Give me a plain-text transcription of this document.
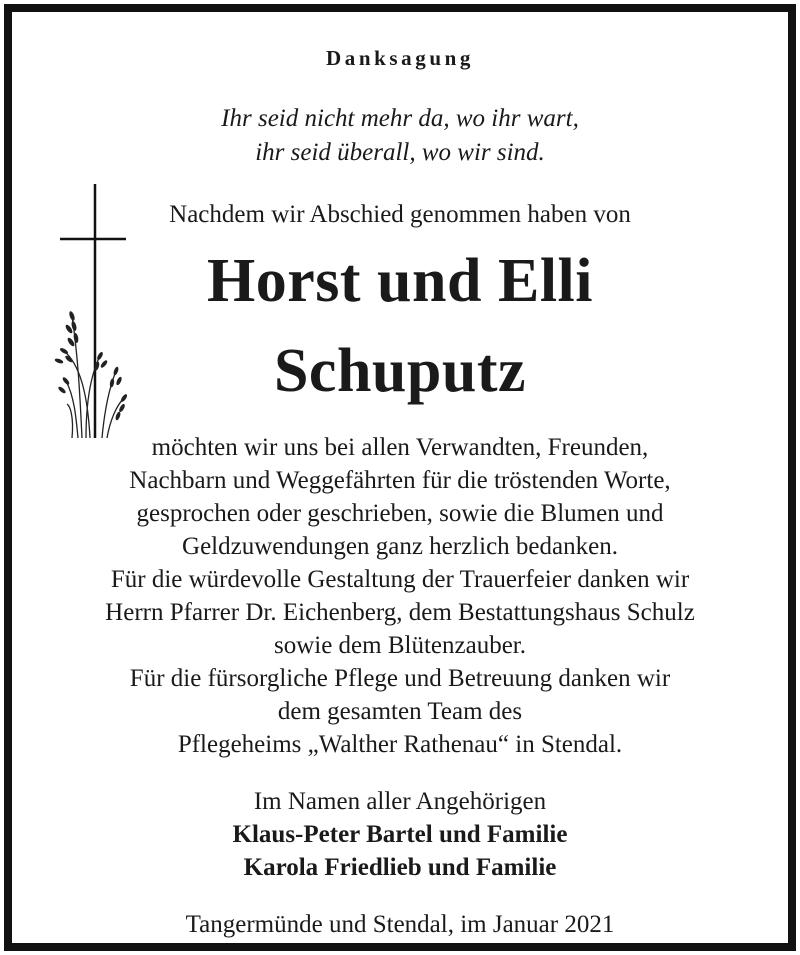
Danksagung
Ihr seid nicht mehr da, wo ihr wart,
ihr seid überall, wo wir sind.
Nachdem wir Abschied genommen haben von
Horst und Elli
Schuputz
möchten wir uns bei allen Verwandten, Freunden,
Nachbarn und Weggefährten für die tröstenden Worte,
gesprochen oder geschrieben, sowie die Blumen und
Geldzuwendungen ganz herzlich bedanken.
Für die würdevolle Gestaltung der Trauerfeier danken wir
Herrn Pfarrer Dr. Eichenberg, dem Bestattungshaus Schulz
sowie dem Blütenzauber.
Für die fürsorgliche Pflege und Betreuung danken wir
dem gesamten Team des
Pflegeheims „Walther Rathenau“ in Stendal.
Im Namen aller Angehörigen
Klaus-Peter Bartel und Familie
Karola Friedlieb und Familie
Tangermünde und Stendal, im Januar 2021
